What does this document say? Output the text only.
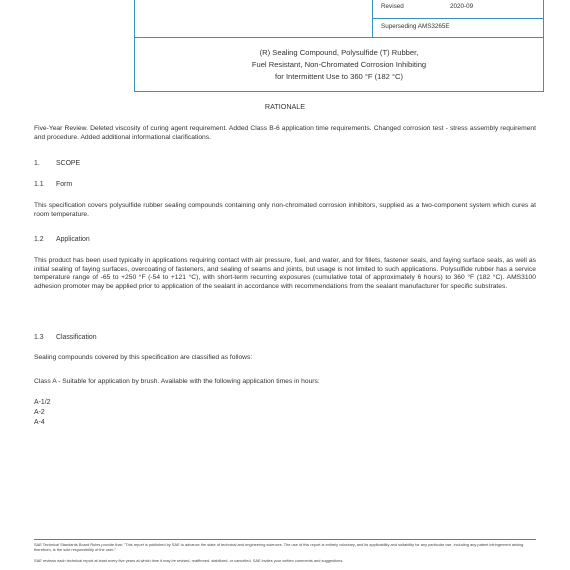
Revised	2020-09
Superseding AMS3265E
(R) Sealing Compound, Polysulfide (T) Rubber,
Fuel Resistant, Non-Chromated Corrosion Inhibiting
for Intermittent Use to 360 °F (182 °C)
RATIONALE
Five-Year Review. Deleted viscosity of curing agent requirement. Added Class B-6 application time requirements. Changed corrosion test - stress assembly requirement and procedure. Added additional informational clarifications.
1. SCOPE
1.1 Form
This specification covers polysulfide rubber sealing compounds containing only non-chromated corrosion inhibitors, supplied as a two-component system which cures at room temperature.
1.2 Application
This product has been used typically in applications requiring contact with air pressure, fuel, and water, and for fillets, fastener seals, and faying surface seals, as well as initial sealing of faying surfaces, overcoating of fasteners, and sealing of seams and joints, but usage is not limited to such applications. Polysulfide rubber has a service temperature range of -65 to +250 °F (-54 to +121 °C), with short-term recurring exposures (cumulative total of approximately 6 hours) to 360 °F (182 °C). AMS3100 adhesion promoter may be applied prior to application of the sealant in accordance with recommendations from the sealant manufacturer for specific substrates.
1.3 Classification
Sealing compounds covered by this specification are classified as follows:
Class A - Suitable for application by brush. Available with the following application times in hours:
A-1/2
A-2
A-4
SAE Technical Standards Board Rules provide that: "This report is published by SAE to advance the state of technical and engineering sciences. The use of this report is entirely voluntary, and its applicability and suitability for any particular use, including any patent infringement arising therefrom, is the sole responsibility of the user."
SAE reviews each technical report at least every five years at which time it may be revised, reaffirmed, stabilized, or cancelled. SAE invites your written comments and suggestions.
